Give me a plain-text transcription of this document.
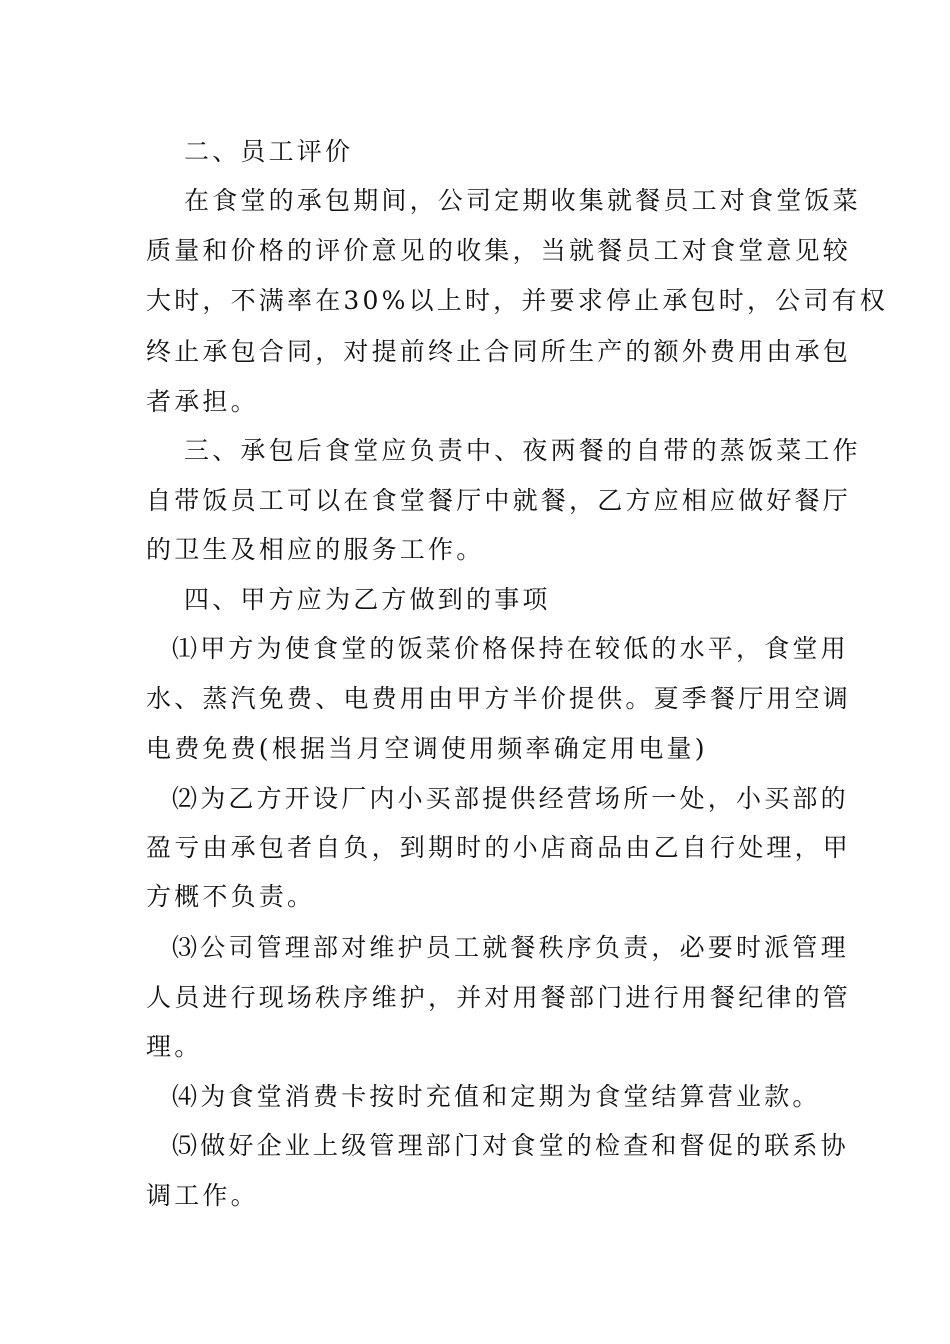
二、员工评价
在食堂的承包期间，公司定期收集就餐员工对食堂饭菜
质量和价格的评价意见的收集，当就餐员工对食堂意见较
大时，不满率在30%以上时，并要求停止承包时，公司有权
终止承包合同，对提前终止合同所生产的额外费用由承包
者承担。
三、承包后食堂应负责中、夜两餐的自带的蒸饭菜工作
自带饭员工可以在食堂餐厅中就餐，乙方应相应做好餐厅
的卫生及相应的服务工作。
四、甲方应为乙方做到的事项
⑴甲方为使食堂的饭菜价格保持在较低的水平，食堂用
水、蒸汽免费、电费用由甲方半价提供。夏季餐厅用空调
电费免费(根据当月空调使用频率确定用电量)
⑵为乙方开设厂内小买部提供经营场所一处，小买部的
盈亏由承包者自负，到期时的小店商品由乙自行处理，甲
方概不负责。
⑶公司管理部对维护员工就餐秩序负责，必要时派管理
人员进行现场秩序维护，并对用餐部门进行用餐纪律的管
理。
⑷为食堂消费卡按时充值和定期为食堂结算营业款。
⑸做好企业上级管理部门对食堂的检查和督促的联系协
调工作。
